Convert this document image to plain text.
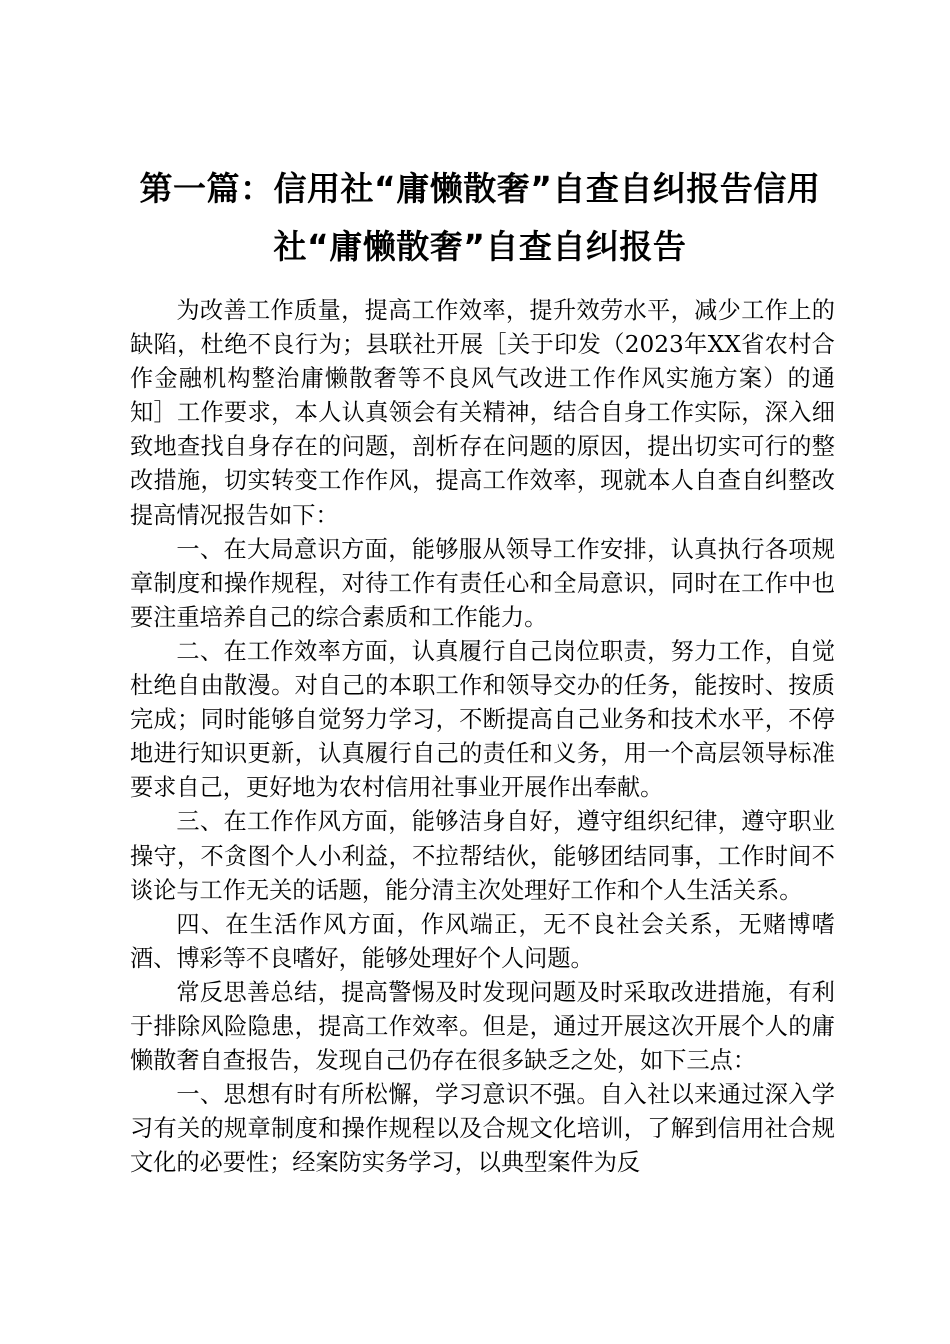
第一篇：信用社“庸懒散奢”自查自纠报告信用社“庸懒散奢”自查自纠报告

为改善工作质量，提高工作效率，提升效劳水平，减少工作上的缺陷，杜绝不良行为；县联社开展［关于印发（2023年XX省农村合作金融机构整治庸懒散奢等不良风气改进工作作风实施方案）的通知］工作要求，本人认真领会有关精神，结合自身工作实际，深入细致地查找自身存在的问题，剖析存在问题的原因，提出切实可行的整改措施，切实转变工作作风，提高工作效率，现就本人自查自纠整改提高情况报告如下：

一、在大局意识方面，能够服从领导工作安排，认真执行各项规章制度和操作规程，对待工作有责任心和全局意识，同时在工作中也要注重培养自己的综合素质和工作能力。

二、在工作效率方面，认真履行自己岗位职责，努力工作，自觉杜绝自由散漫。对自己的本职工作和领导交办的任务，能按时、按质完成；同时能够自觉努力学习，不断提高自己业务和技术水平，不停地进行知识更新，认真履行自己的责任和义务，用一个高层领导标准要求自己，更好地为农村信用社事业开展作出奉献。

三、在工作作风方面，能够洁身自好，遵守组织纪律，遵守职业操守，不贪图个人小利益，不拉帮结伙，能够团结同事，工作时间不谈论与工作无关的话题，能分清主次处理好工作和个人生活关系。

四、在生活作风方面，作风端正，无不良社会关系，无赌博嗜酒、博彩等不良嗜好，能够处理好个人问题。

常反思善总结，提高警惕及时发现问题及时采取改进措施，有利于排除风险隐患，提高工作效率。但是，通过开展这次开展个人的庸懒散奢自查报告，发现自己仍存在很多缺乏之处，如下三点：

一、思想有时有所松懈，学习意识不强。自入社以来通过深入学习有关的规章制度和操作规程以及合规文化培训，了解到信用社合规文化的必要性；经案防实务学习，以典型案件为反
